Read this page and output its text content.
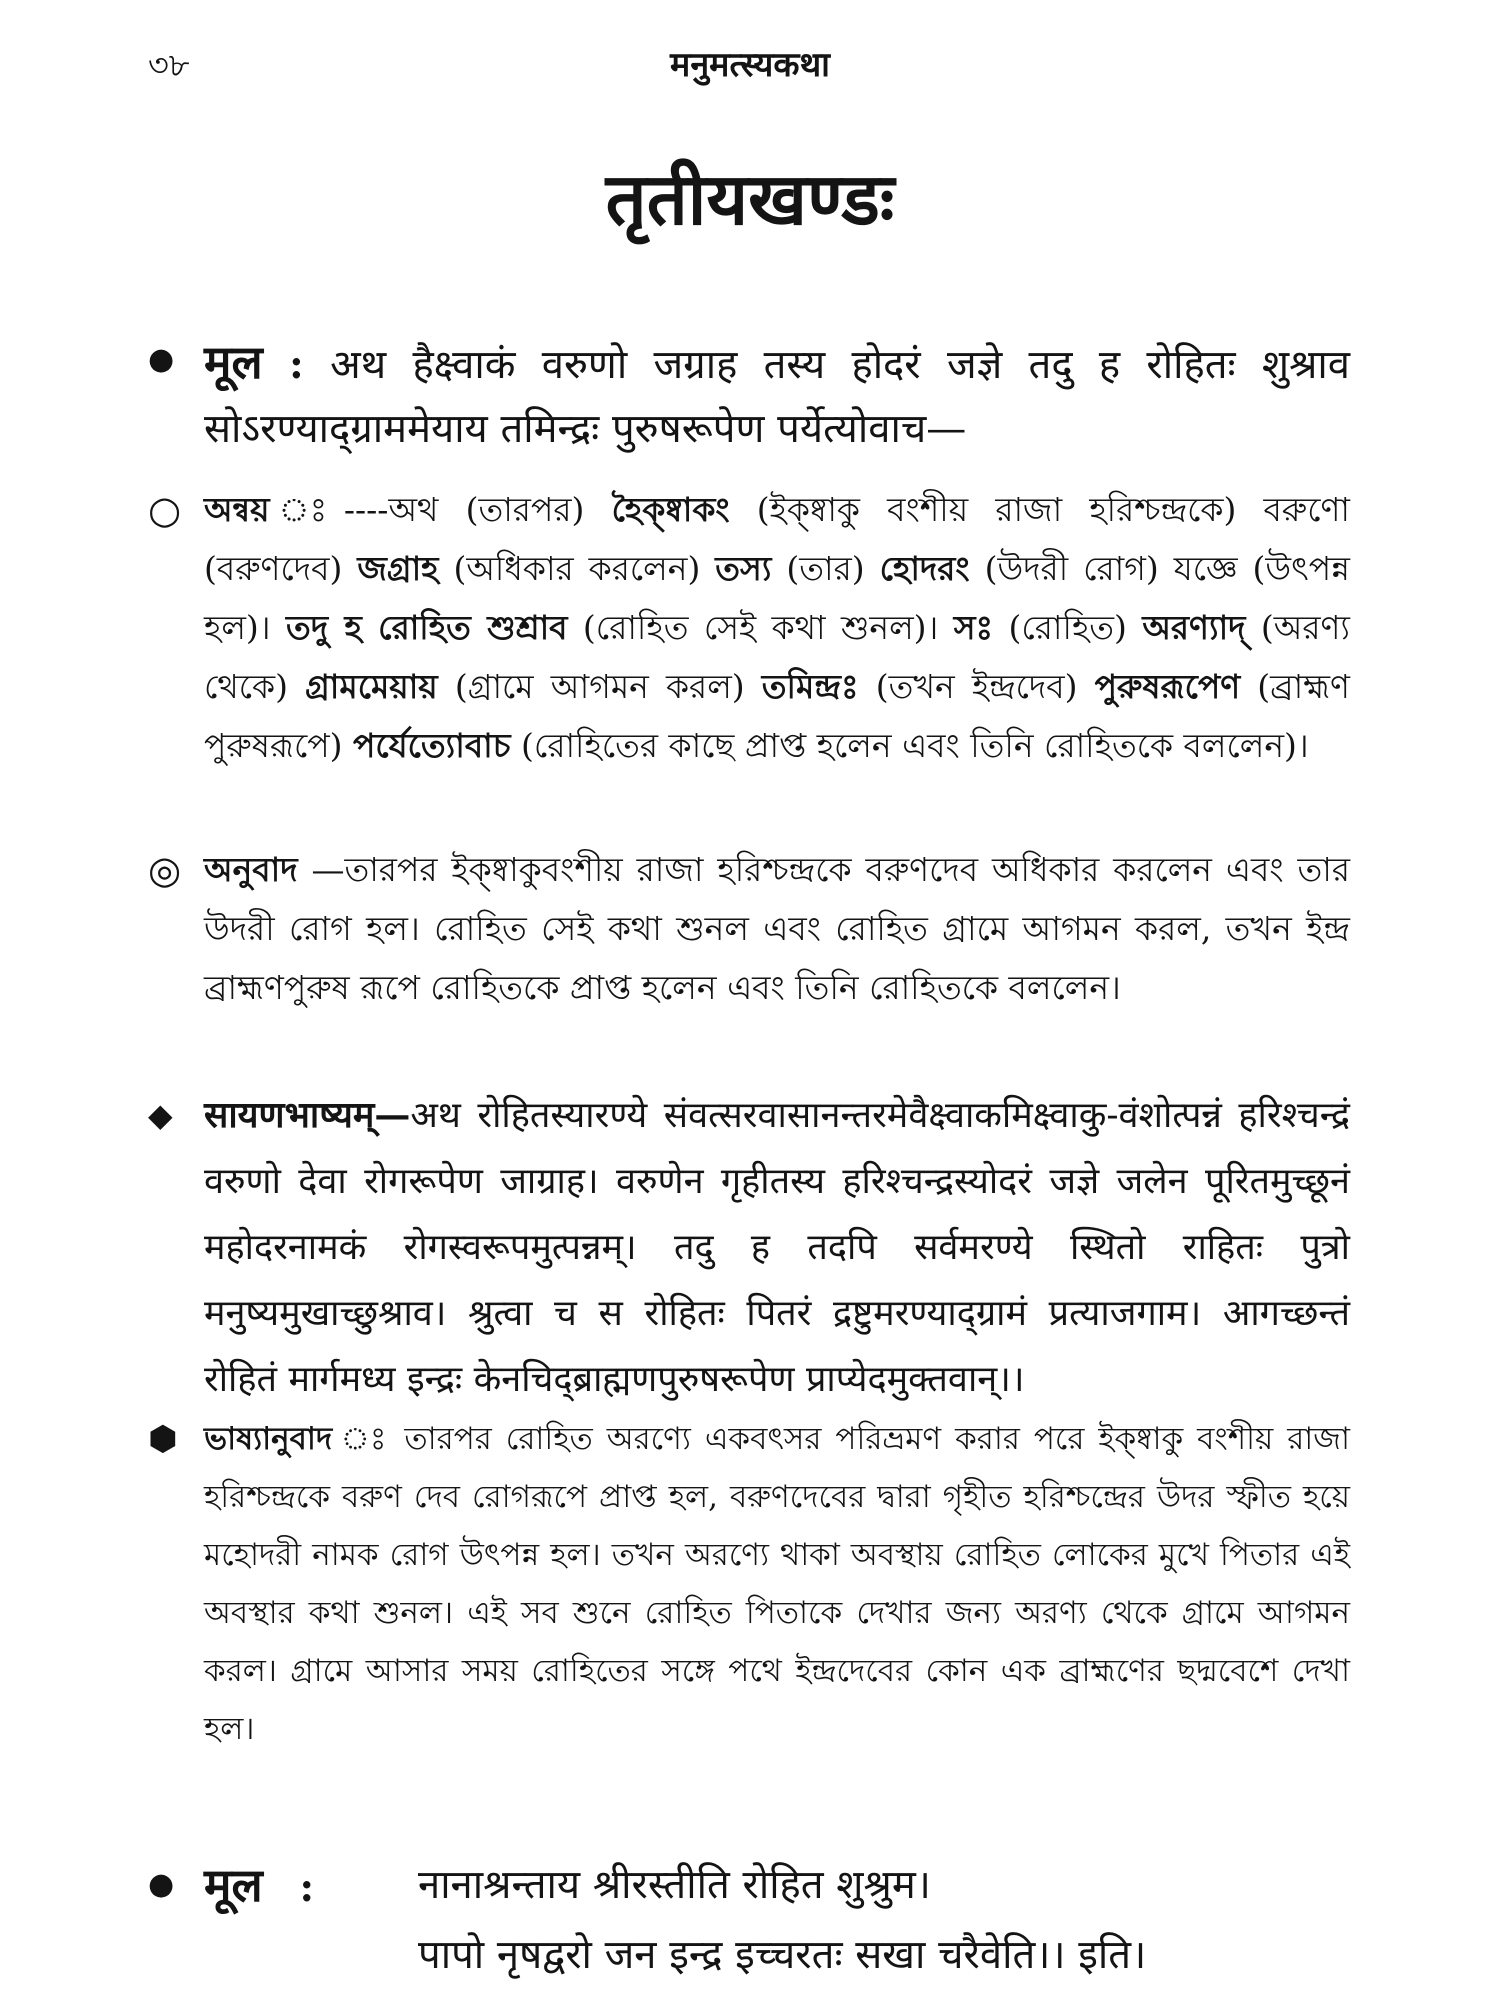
৩৮	मनुमत्स्यकथा
तृतीयखण्डः
● मूल : अथ हैक्ष्वाकं वरुणो जग्राह तस्य होदरं जज्ञे तदु ह रोहितः शुश्राव सोऽरण्याद्ग्राममेयाय तमिन्द्रः पुरुषरूपेण पर्येत्योवाच—
○ অন্বয় ঃ----অথ (তারপর) হৈক্ষ্বাকং (ইক্ষ্বাকু বংশীয় রাজা হরিশ্চন্দ্রকে) বরুণো (বরুণদেব) জগ্রাহ (অধিকার করলেন) তস্য (তার) হোদরং (উদরী রোগ) যজ্ঞে (উৎপন্ন হল)। তদু হ রোহিত শুশ্রাব (রোহিত সেই কথা শুনল)। সঃ (রোহিত) অরণ্যাদ্ (অরণ্য থেকে) গ্রামমেয়ায় (গ্রামে আগমন করল) তমিন্দ্রঃ (তখন ইন্দ্রদেব) পুরুষরূপেণ (ব্রাহ্মণ পুরুষরূপে) পর্যেত্যোবাচ (রোহিতের কাছে প্রাপ্ত হলেন এবং তিনি রোহিতকে বললেন)।
◎ অনুবাদ —তারপর ইক্ষ্বাকুবংশীয় রাজা হরিশ্চন্দ্রকে বরুণদেব অধিকার করলেন এবং তার উদরী রোগ হল। রোহিত সেই কথা শুনল এবং রোহিত গ্রামে আগমন করল, তখন ইন্দ্র ব্রাহ্মণপুরুষ রূপে রোহিতকে প্রাপ্ত হলেন এবং তিনি রোহিতকে বললেন।
◆ सायणभाष्यम्—अथ रोहितस्यारण्ये संवत्सरवासानन्तरमेवैक्ष्वाकमिक्ष्वाकु-वंशोत्पन्नं हरिश्चन्द्रं वरुणो देवा रोगरूपेण जाग्राह। वरुणेन गृहीतस्य हरिश्चन्द्रस्योदरं जज्ञे जलेन पूरितमुच्छूनं महोदरनामकं रोगस्वरूपमुत्पन्नम्। तदु ह तदपि सर्वमरण्ये स्थितो राहितः पुत्रो मनुष्यमुखाच्छुश्राव। श्रुत्वा च स रोहितः पितरं द्रष्टुमरण्याद्ग्रामं प्रत्याजगाम। आगच्छन्तं रोहितं मार्गमध्य इन्द्रः केनचिद्ब्राह्मणपुरुषरूपेण प्राप्येदमुक्तवान्।।
⬢ ভাষ্যানুবাদ ঃ তারপর রোহিত অরণ্যে একবৎসর পরিভ্রমণ করার পরে ইক্ষ্বাকু বংশীয় রাজা হরিশ্চন্দ্রকে বরুণ দেব রোগরূপে প্রাপ্ত হল, বরুণদেবের দ্বারা গৃহীত হরিশ্চন্দ্রের উদর স্ফীত হয়ে মহোদরী নামক রোগ উৎপন্ন হল। তখন অরণ্যে থাকা অবস্থায় রোহিত লোকের মুখে পিতার এই অবস্থার কথা শুনল। এই সব শুনে রোহিত পিতাকে দেখার জন্য অরণ্য থেকে গ্রামে আগমন করল। গ্রামে আসার সময় রোহিতের সঙ্গে পথে ইন্দ্রদেবের কোন এক ব্রাহ্মণের ছদ্মবেশে দেখা হল।
● मूल :	नानाश्रन्ताय श्रीरस्तीति रोहित शुश्रुम।
पापो नृषद्वरो जन इन्द्र इच्चरतः सखा चरैवेति।। इति।
